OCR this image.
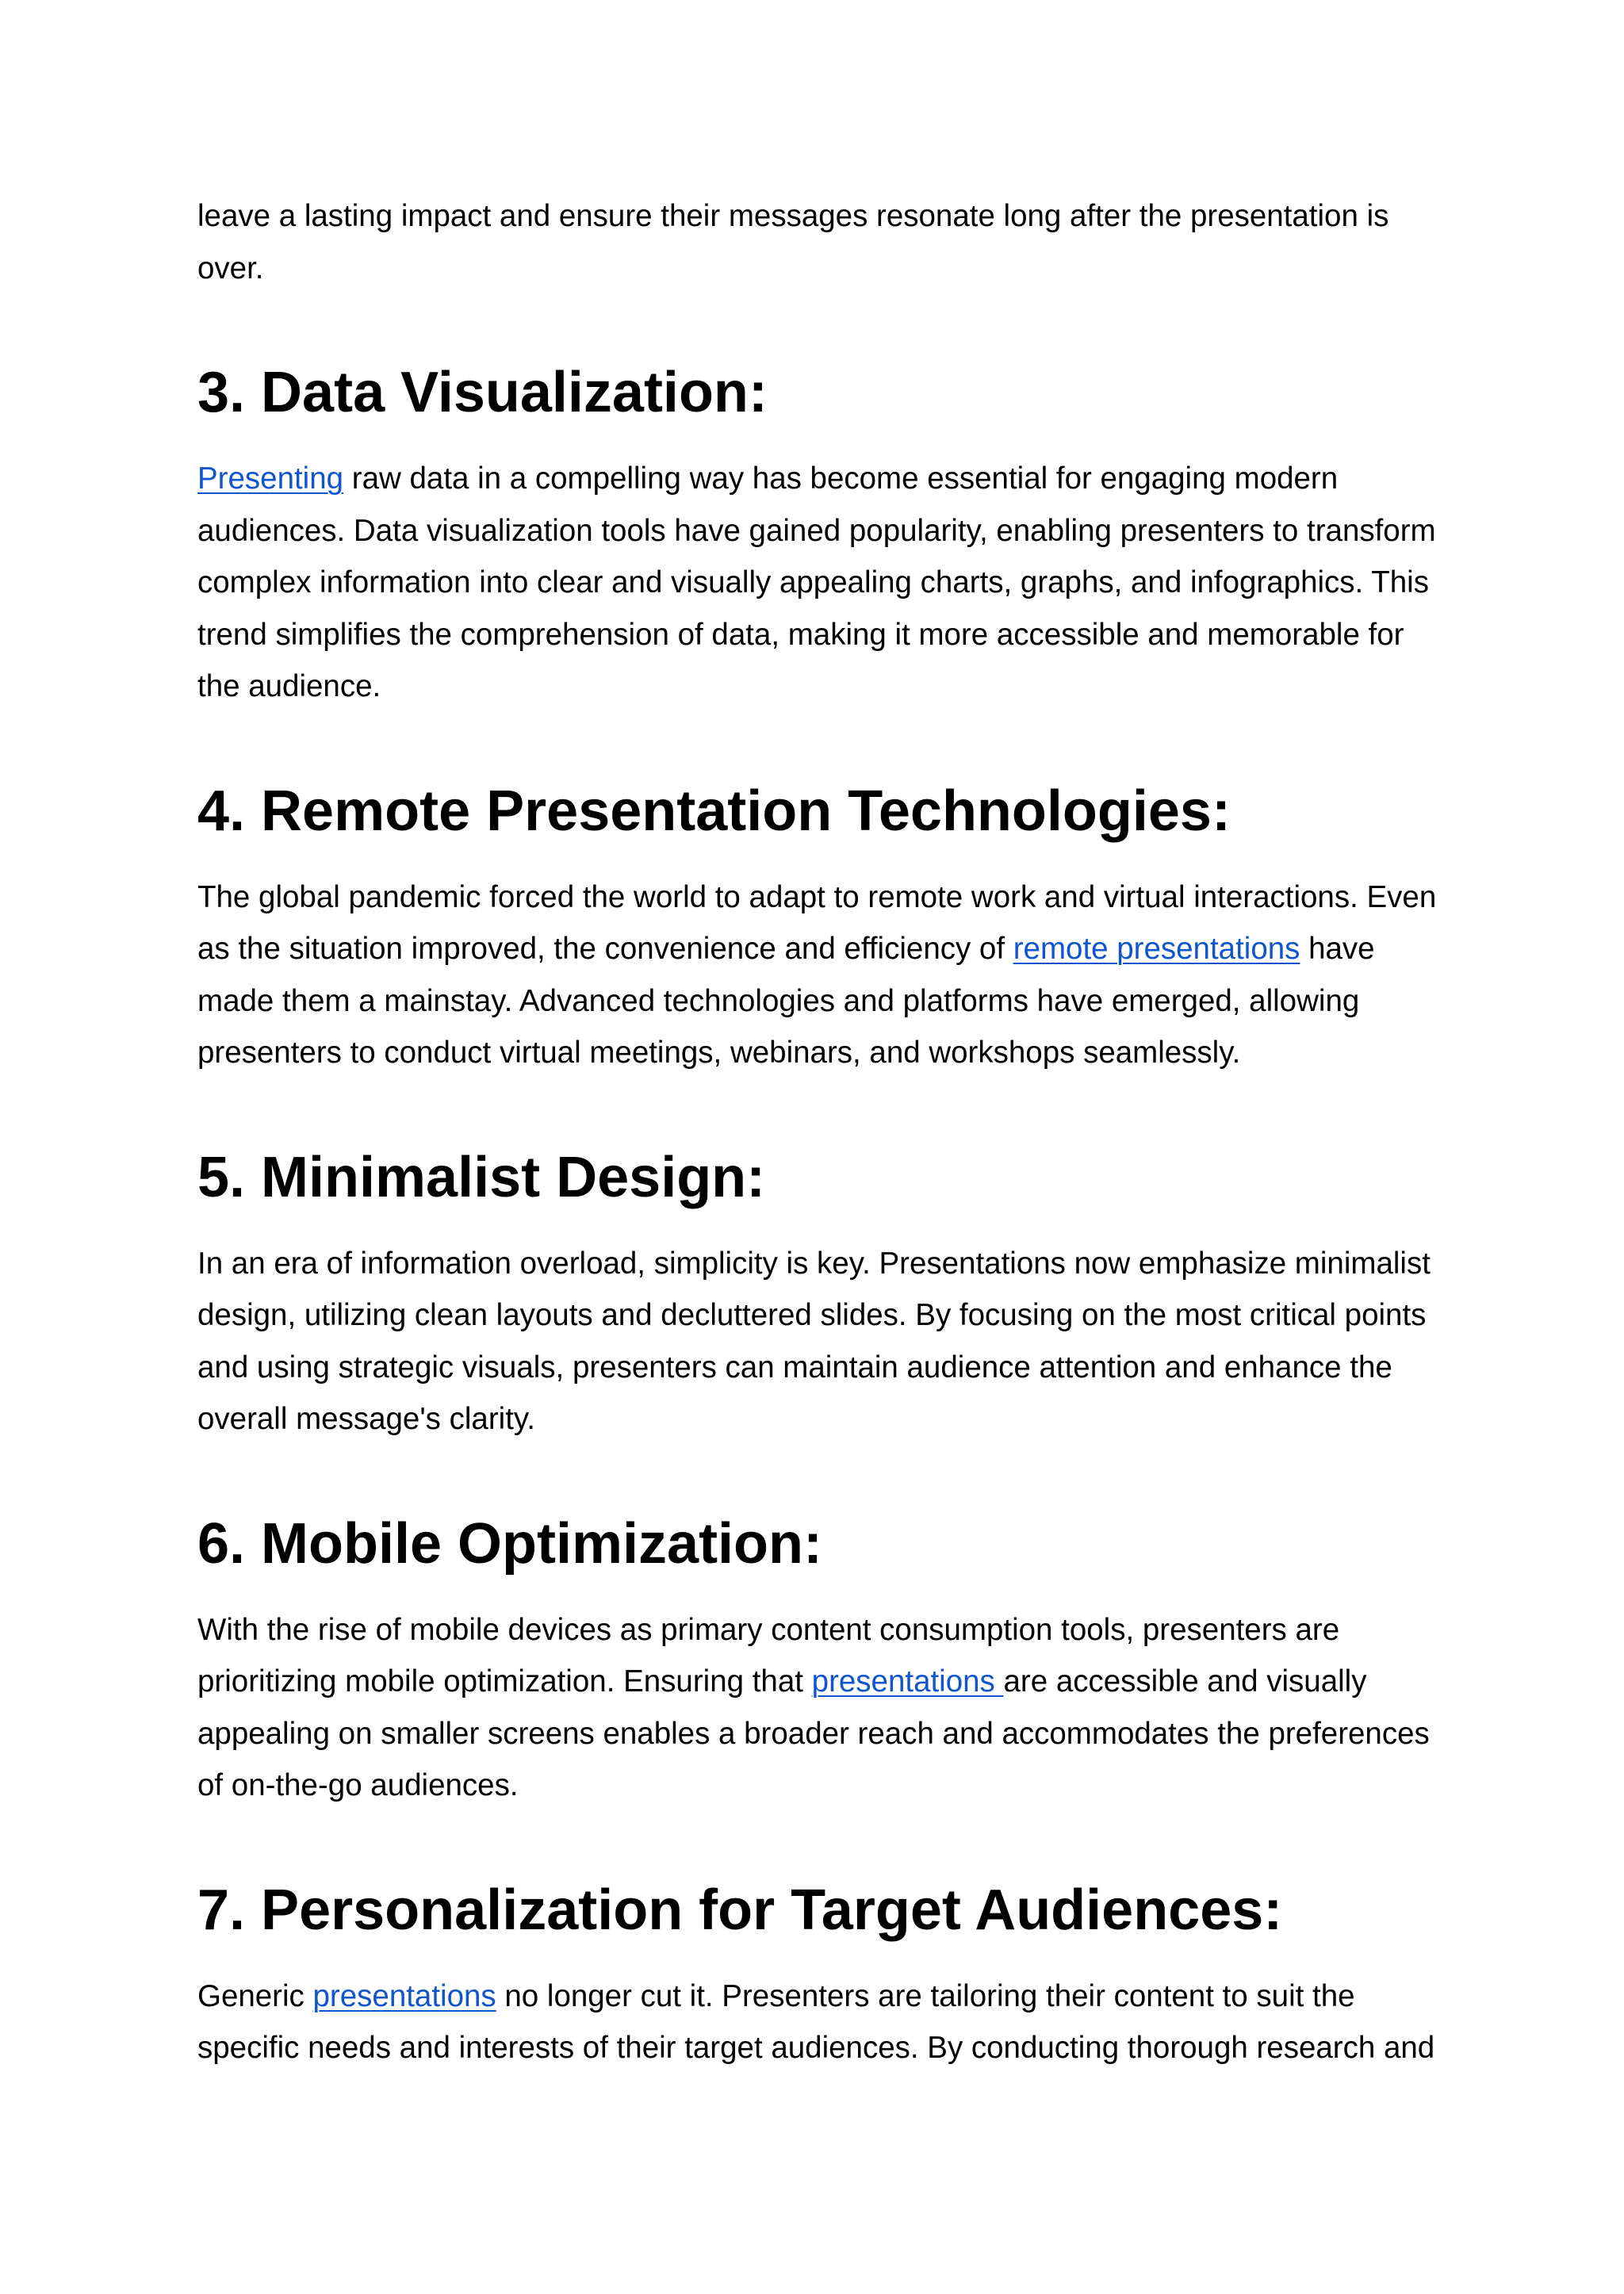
leave a lasting impact and ensure their messages resonate long after the presentation is
over.

3. Data Visualization:

Presenting raw data in a compelling way has become essential for engaging modern
audiences. Data visualization tools have gained popularity, enabling presenters to transform
complex information into clear and visually appealing charts, graphs, and infographics. This
trend simplifies the comprehension of data, making it more accessible and memorable for
the audience.

4. Remote Presentation Technologies:

The global pandemic forced the world to adapt to remote work and virtual interactions. Even
as the situation improved, the convenience and efficiency of remote presentations have
made them a mainstay. Advanced technologies and platforms have emerged, allowing
presenters to conduct virtual meetings, webinars, and workshops seamlessly.

5. Minimalist Design:

In an era of information overload, simplicity is key. Presentations now emphasize minimalist
design, utilizing clean layouts and decluttered slides. By focusing on the most critical points
and using strategic visuals, presenters can maintain audience attention and enhance the
overall message's clarity.

6. Mobile Optimization:

With the rise of mobile devices as primary content consumption tools, presenters are
prioritizing mobile optimization. Ensuring that presentations are accessible and visually
appealing on smaller screens enables a broader reach and accommodates the preferences
of on-the-go audiences.

7. Personalization for Target Audiences:

Generic presentations no longer cut it. Presenters are tailoring their content to suit the
specific needs and interests of their target audiences. By conducting thorough research and
